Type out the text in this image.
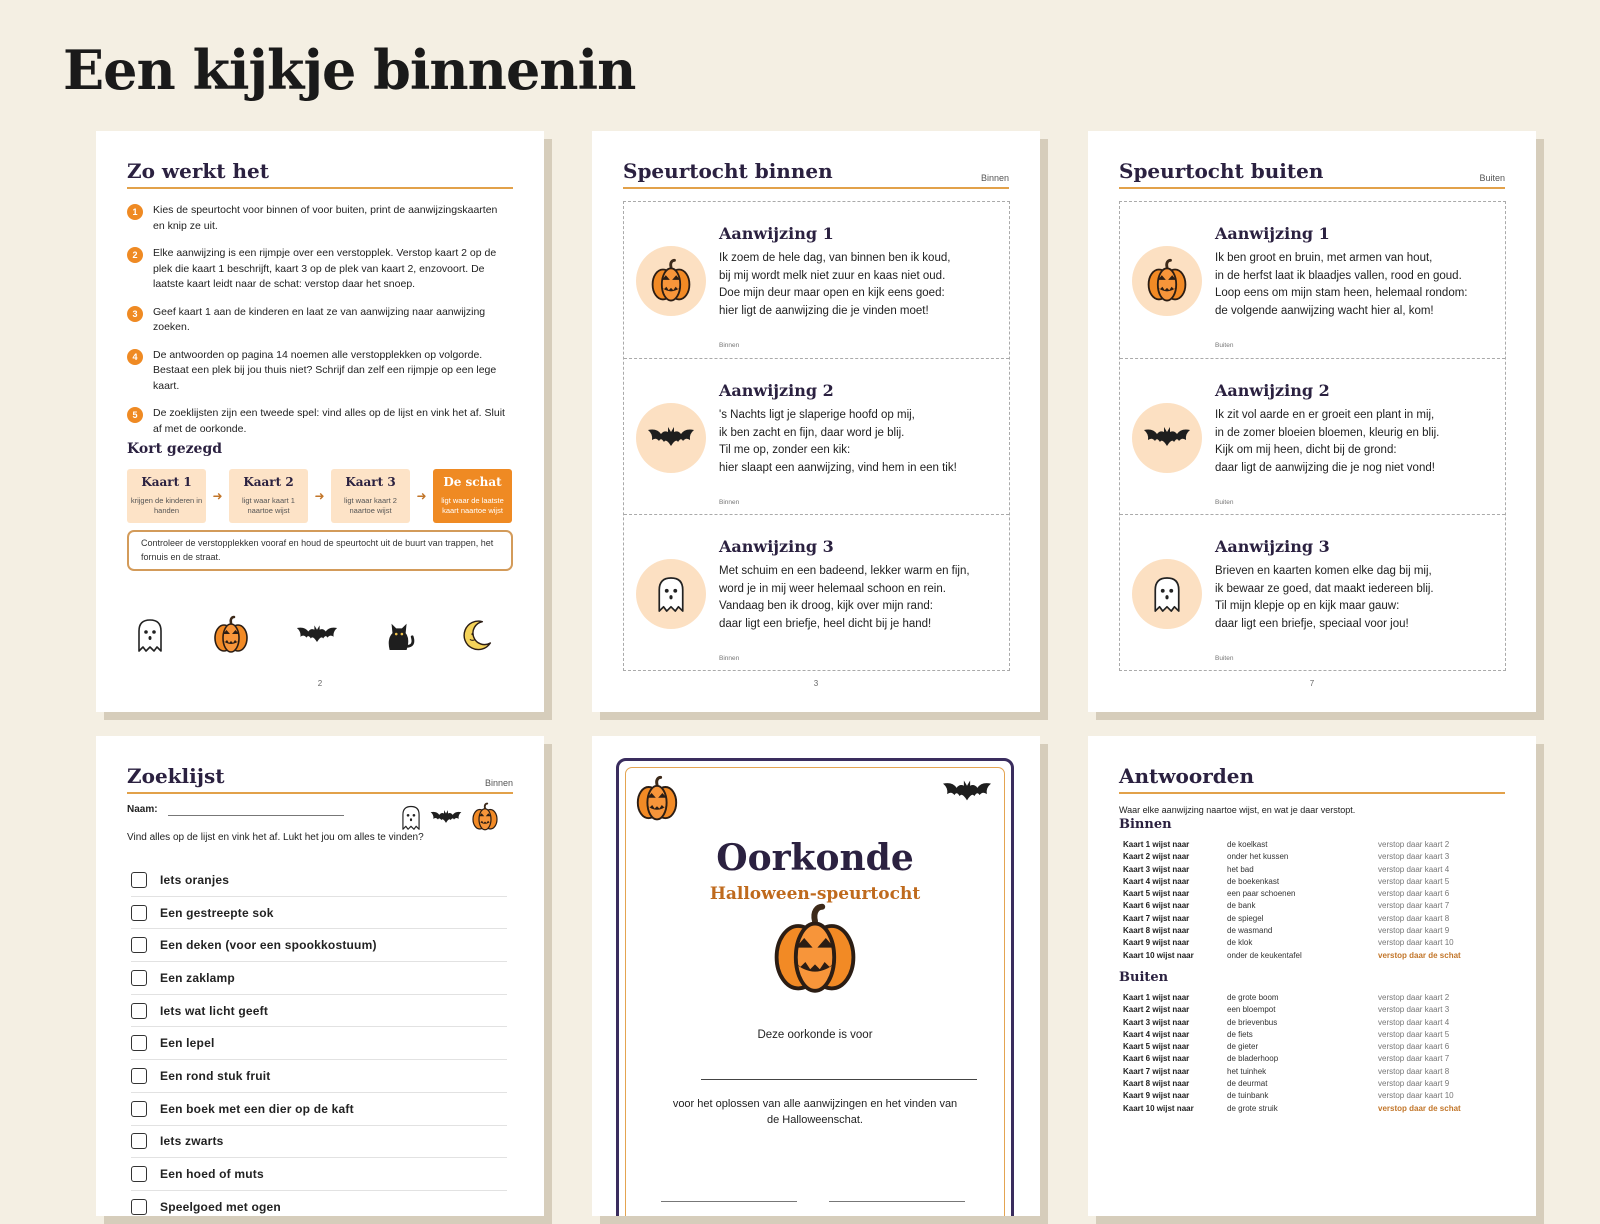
Een kijkje binnenin
Zo werkt het
1	Kies de speurtocht voor binnen of voor buiten, print de aanwijzingskaarten en knip ze uit.
2	Elke aanwijzing is een rijmpje over een verstopplek. Verstop kaart 2 op de plek die kaart 1 beschrijft, kaart 3 op de plek van kaart 2, enzovoort. De laatste kaart leidt naar de schat: verstop daar het snoep.
3	Geef kaart 1 aan de kinderen en laat ze van aanwijzing naar aanwijzing zoeken.
4	De antwoorden op pagina 14 noemen alle verstopplekken op volgorde. Bestaat een plek bij jou thuis niet? Schrijf dan zelf een rijmpje op een lege kaart.
5	De zoeklijsten zijn een tweede spel: vind alles op de lijst en vink het af. Sluit af met de oorkonde.
Kort gezegd
Kaart 1
krijgen de kinderen in handen
➜
Kaart 2
ligt waar kaart 1 naartoe wijst
➜
Kaart 3
ligt waar kaart 2 naartoe wijst
➜
De schat
ligt waar de laatste kaart naartoe wijst
Controleer de verstopplekken vooraf en houd de speurtocht uit de buurt van trappen, het fornuis en de straat.
2
Speurtocht binnen	Binnen
Aanwijzing 1
Ik zoem de hele dag, van binnen ben ik koud,
bij mij wordt melk niet zuur en kaas niet oud.
Doe mijn deur maar open en kijk eens goed:
hier ligt de aanwijzing die je vinden moet!
Binnen
Aanwijzing 2
's Nachts ligt je slaperige hoofd op mij,
ik ben zacht en fijn, daar word je blij.
Til me op, zonder een kik:
hier slaapt een aanwijzing, vind hem in een tik!
Binnen
Aanwijzing 3
Met schuim en een badeend, lekker warm en fijn,
word je in mij weer helemaal schoon en rein.
Vandaag ben ik droog, kijk over mijn rand:
daar ligt een briefje, heel dicht bij je hand!
Binnen
3
Speurtocht buiten	Buiten
Aanwijzing 1
Ik ben groot en bruin, met armen van hout,
in de herfst laat ik blaadjes vallen, rood en goud.
Loop eens om mijn stam heen, helemaal rondom:
de volgende aanwijzing wacht hier al, kom!
Buiten
Aanwijzing 2
Ik zit vol aarde en er groeit een plant in mij,
in de zomer bloeien bloemen, kleurig en blij.
Kijk om mij heen, dicht bij de grond:
daar ligt de aanwijzing die je nog niet vond!
Buiten
Aanwijzing 3
Brieven en kaarten komen elke dag bij mij,
ik bewaar ze goed, dat maakt iedereen blij.
Til mijn klepje op en kijk maar gauw:
daar ligt een briefje, speciaal voor jou!
Buiten
7
Zoeklijst	Binnen
Naam:
Vind alles op de lijst en vink het af. Lukt het jou om alles te vinden?
Iets oranjes
Een gestreepte sok
Een deken (voor een spookkostuum)
Een zaklamp
Iets wat licht geeft
Een lepel
Een rond stuk fruit
Een boek met een dier op de kaft
Iets zwarts
Een hoed of muts
Speelgoed met ogen
Oorkonde
Halloween-speurtocht
Deze oorkonde is voor
voor het oplossen van alle aanwijzingen en het vinden van de Halloweenschat.
Antwoorden
Waar elke aanwijzing naartoe wijst, en wat je daar verstopt.
Binnen
Kaart 1 wijst naar	de koelkast	verstop daar kaart 2
Kaart 2 wijst naar	onder het kussen	verstop daar kaart 3
Kaart 3 wijst naar	het bad	verstop daar kaart 4
Kaart 4 wijst naar	de boekenkast	verstop daar kaart 5
Kaart 5 wijst naar	een paar schoenen	verstop daar kaart 6
Kaart 6 wijst naar	de bank	verstop daar kaart 7
Kaart 7 wijst naar	de spiegel	verstop daar kaart 8
Kaart 8 wijst naar	de wasmand	verstop daar kaart 9
Kaart 9 wijst naar	de klok	verstop daar kaart 10
Kaart 10 wijst naar	onder de keukentafel	verstop daar de schat
Buiten
Kaart 1 wijst naar	de grote boom	verstop daar kaart 2
Kaart 2 wijst naar	een bloempot	verstop daar kaart 3
Kaart 3 wijst naar	de brievenbus	verstop daar kaart 4
Kaart 4 wijst naar	de fiets	verstop daar kaart 5
Kaart 5 wijst naar	de gieter	verstop daar kaart 6
Kaart 6 wijst naar	de bladerhoop	verstop daar kaart 7
Kaart 7 wijst naar	het tuinhek	verstop daar kaart 8
Kaart 8 wijst naar	de deurmat	verstop daar kaart 9
Kaart 9 wijst naar	de tuinbank	verstop daar kaart 10
Kaart 10 wijst naar	de grote struik	verstop daar de schat
